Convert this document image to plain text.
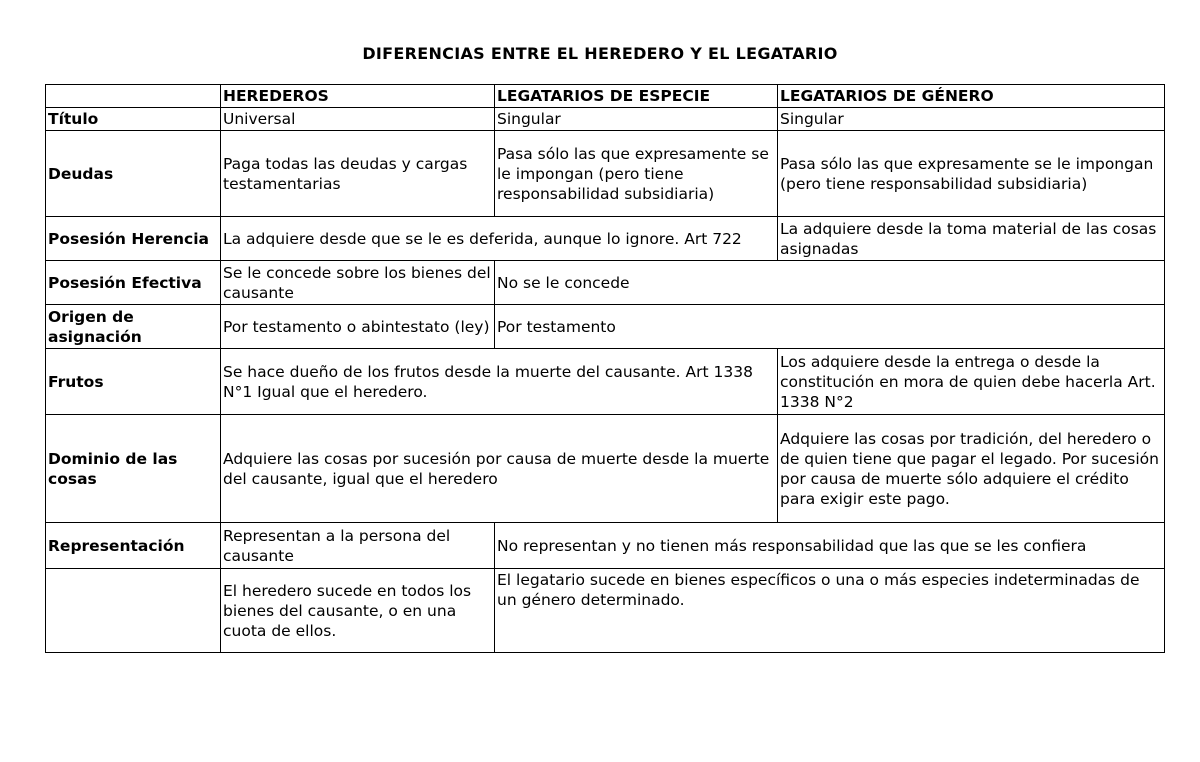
DIFERENCIAS ENTRE EL HEREDERO Y EL LEGATARIO
	HEREDEROS	LEGATARIOS DE ESPECIE	LEGATARIOS DE GÉNERO
Título	Universal	Singular	Singular
Deudas	Paga todas las deudas y cargas testamentarias	Pasa sólo las que expresamente se le impongan (pero tiene responsabilidad subsidiaria)	Pasa sólo las que expresamente se le impongan (pero tiene responsabilidad subsidiaria)
Posesión Herencia	La adquiere desde que se le es deferida, aunque lo ignore. Art 722		La adquiere desde la toma material de las cosas asignadas
Posesión Efectiva	Se le concede sobre los bienes del causante	No se le concede	
Origen de asignación	Por testamento o abintestato (ley)	Por testamento	
Frutos	Se hace dueño de los frutos desde la muerte del causante. Art 1338 N°1 Igual que el heredero.		Los adquiere desde la entrega o desde la constitución en mora de quien debe hacerla Art. 1338 N°2
Dominio de las cosas	Adquiere las cosas por sucesión por causa de muerte desde la muerte del causante, igual que el heredero		Adquiere las cosas por tradición, del heredero o de quien tiene que pagar el legado. Por sucesión por causa de muerte sólo adquiere el crédito para exigir este pago.
Representación	Representan a la persona del causante	No representan y no tienen más responsabilidad que las que se les confiera	
	El heredero sucede en todos los bienes del causante, o en una cuota de ellos.	El legatario sucede en bienes específicos o una o más especies indeterminadas de un género determinado.	
